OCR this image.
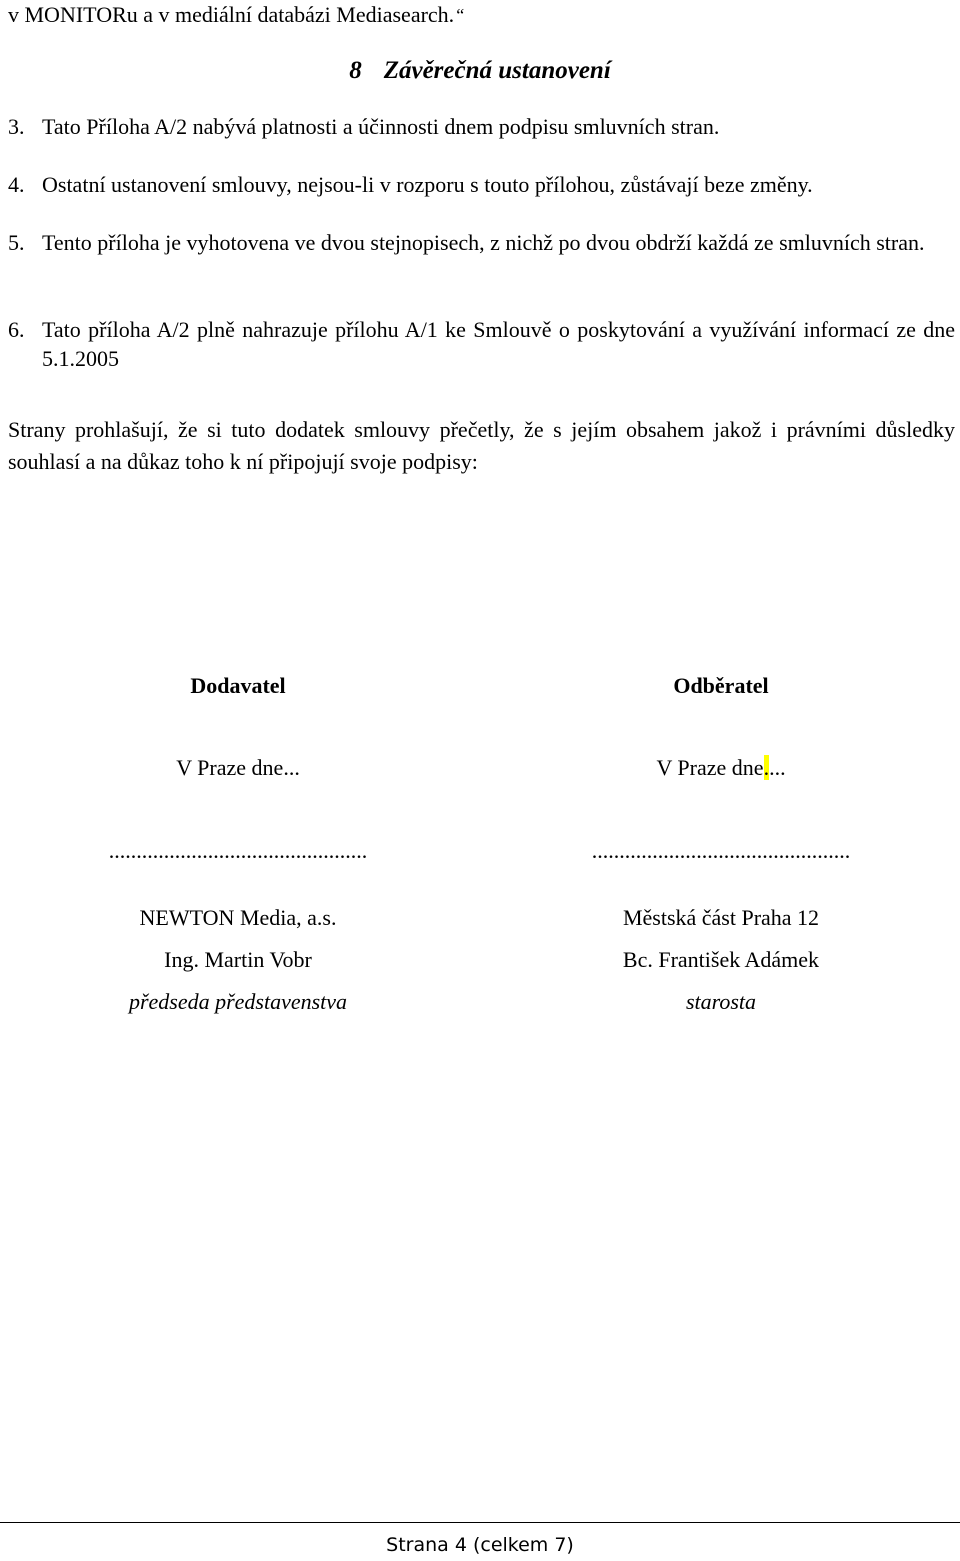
v MONITORu a v mediální databázi Mediasearch. “
8 Závěrečná ustanovení
3. Tato Příloha A/2 nabývá platnosti a účinnosti dnem podpisu smluvních stran.
4. Ostatní ustanovení smlouvy, nejsou-li v rozporu s touto přílohou, zůstávají beze změny.
5. Tento příloha je vyhotovena ve dvou stejnopisech, z nichž po dvou obdrží každá ze smluvních stran.
6. Tato příloha A/2 plně nahrazuje přílohu A/1 ke Smlouvě o poskytování a využívání informací ze dne 5.1.2005
Strany prohlašují, že si tuto dodatek smlouvy přečetly, že s jejím obsahem jakož i právními důsledky souhlasí a na důkaz toho k ní připojují svoje podpisy:
Dodavatel
V Praze dne...
...............................................
NEWTON Media, a.s.
Ing. Martin Vobr
předseda představenstva
Odběratel
V Praze dne....
...............................................
Městská část Praha 12
Bc. František Adámek
starosta
Strana 4 (celkem 7)
